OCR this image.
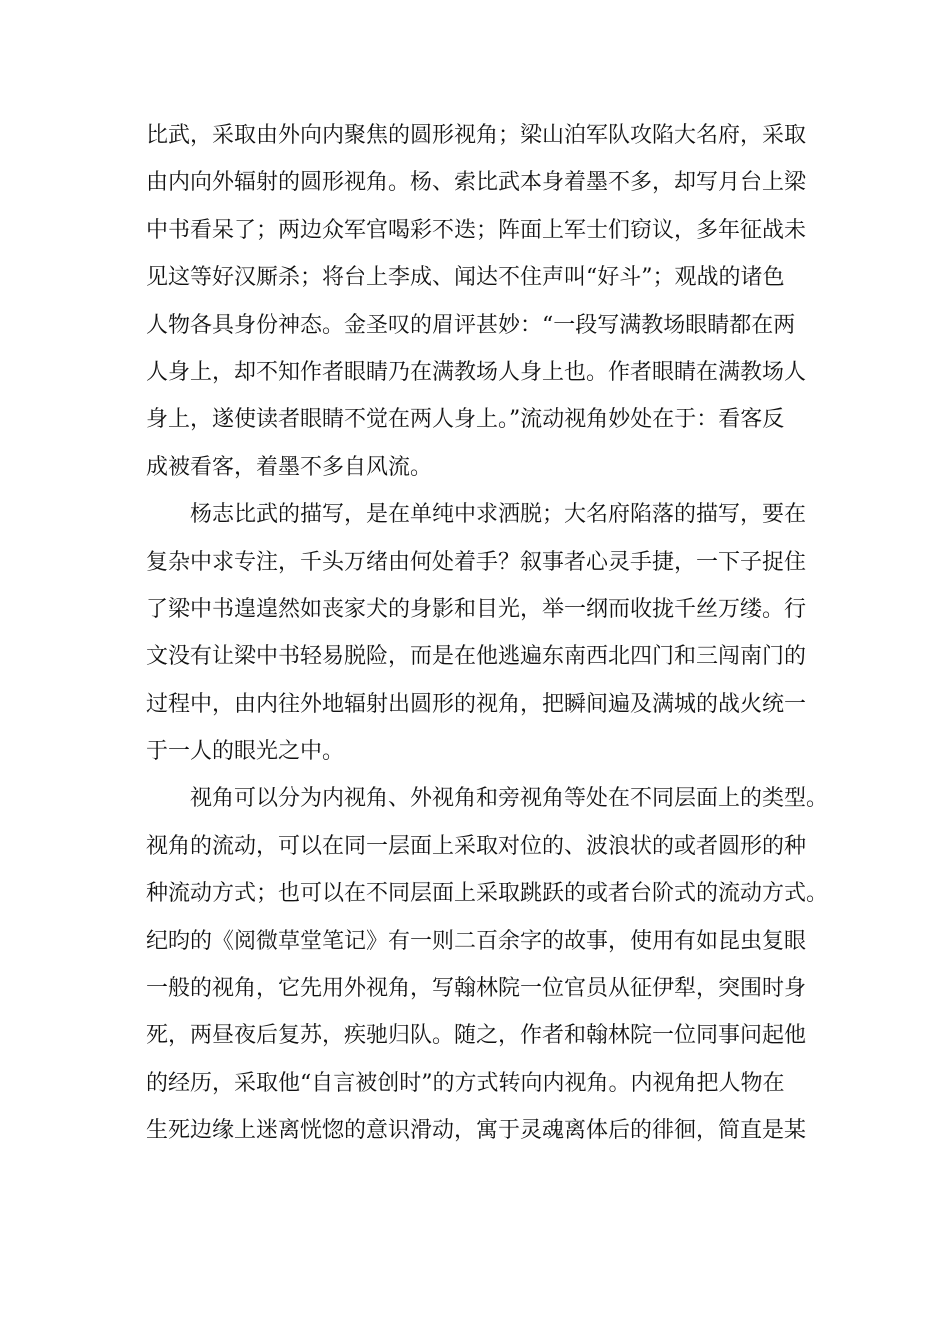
比武，采取由外向内聚焦的圆形视角；梁山泊军队攻陷大名府，采取
由内向外辐射的圆形视角。杨、索比武本身着墨不多，却写月台上梁
中书看呆了；两边众军官喝彩不迭；阵面上军士们窃议，多年征战未
见这等好汉厮杀；将台上李成、闻达不住声叫“好斗”；观战的诸色
人物各具身份神态。金圣叹的眉评甚妙：“一段写满教场眼睛都在两
人身上，却不知作者眼睛乃在满教场人身上也。作者眼睛在满教场人
身上，遂使读者眼睛不觉在两人身上。”流动视角妙处在于：看客反
成被看客，着墨不多自风流。
杨志比武的描写，是在单纯中求洒脱；大名府陷落的描写，要在
复杂中求专注，千头万绪由何处着手？叙事者心灵手捷，一下子捉住
了梁中书遑遑然如丧家犬的身影和目光，举一纲而收拢千丝万缕。行
文没有让梁中书轻易脱险，而是在他逃遍东南西北四门和三闯南门的
过程中，由内往外地辐射出圆形的视角，把瞬间遍及满城的战火统一
于一人的眼光之中。
视角可以分为内视角、外视角和旁视角等处在不同层面上的类型。
视角的流动，可以在同一层面上采取对位的、波浪状的或者圆形的种
种流动方式；也可以在不同层面上采取跳跃的或者台阶式的流动方式。
纪昀的《阅微草堂笔记》有一则二百余字的故事，使用有如昆虫复眼
一般的视角，它先用外视角，写翰林院一位官员从征伊犁，突围时身
死，两昼夜后复苏，疾驰归队。随之，作者和翰林院一位同事问起他
的经历，采取他“自言被创时”的方式转向内视角。内视角把人物在
生死边缘上迷离恍惚的意识滑动，寓于灵魂离体后的徘徊，简直是某
